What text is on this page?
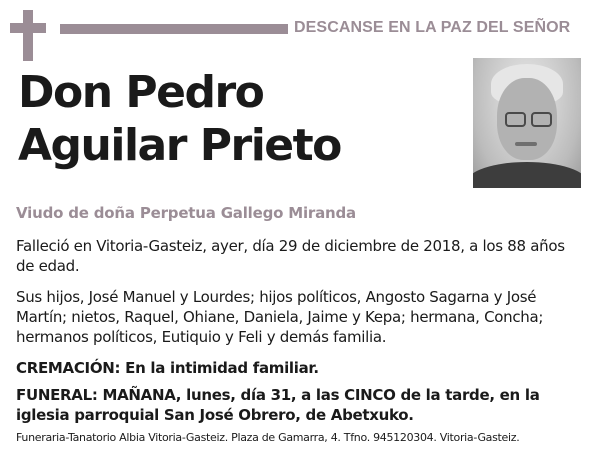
DESCANSE EN LA PAZ DEL SEÑOR
Don Pedro
Aguilar Prieto
Viudo de doña Perpetua Gallego Miranda
Falleció en Vitoria-Gasteiz, ayer, día 29 de diciembre de 2018, a los 88 años de edad.
Sus hijos, José Manuel y Lourdes; hijos políticos, Angosto Sagarna y José Martín; nietos, Raquel, Ohiane, Daniela, Jaime y Kepa; hermana, Concha; hermanos políticos, Eutiquio y Feli y demás familia.
CREMACIÓN: En la intimidad familiar.
FUNERAL: MAÑANA, lunes, día 31, a las CINCO de la tarde, en la iglesia parroquial San José Obrero, de Abetxuko.
Funeraria-Tanatorio Albia Vitoria-Gasteiz. Plaza de Gamarra, 4. Tfno. 945120304. Vitoria-Gasteiz.
